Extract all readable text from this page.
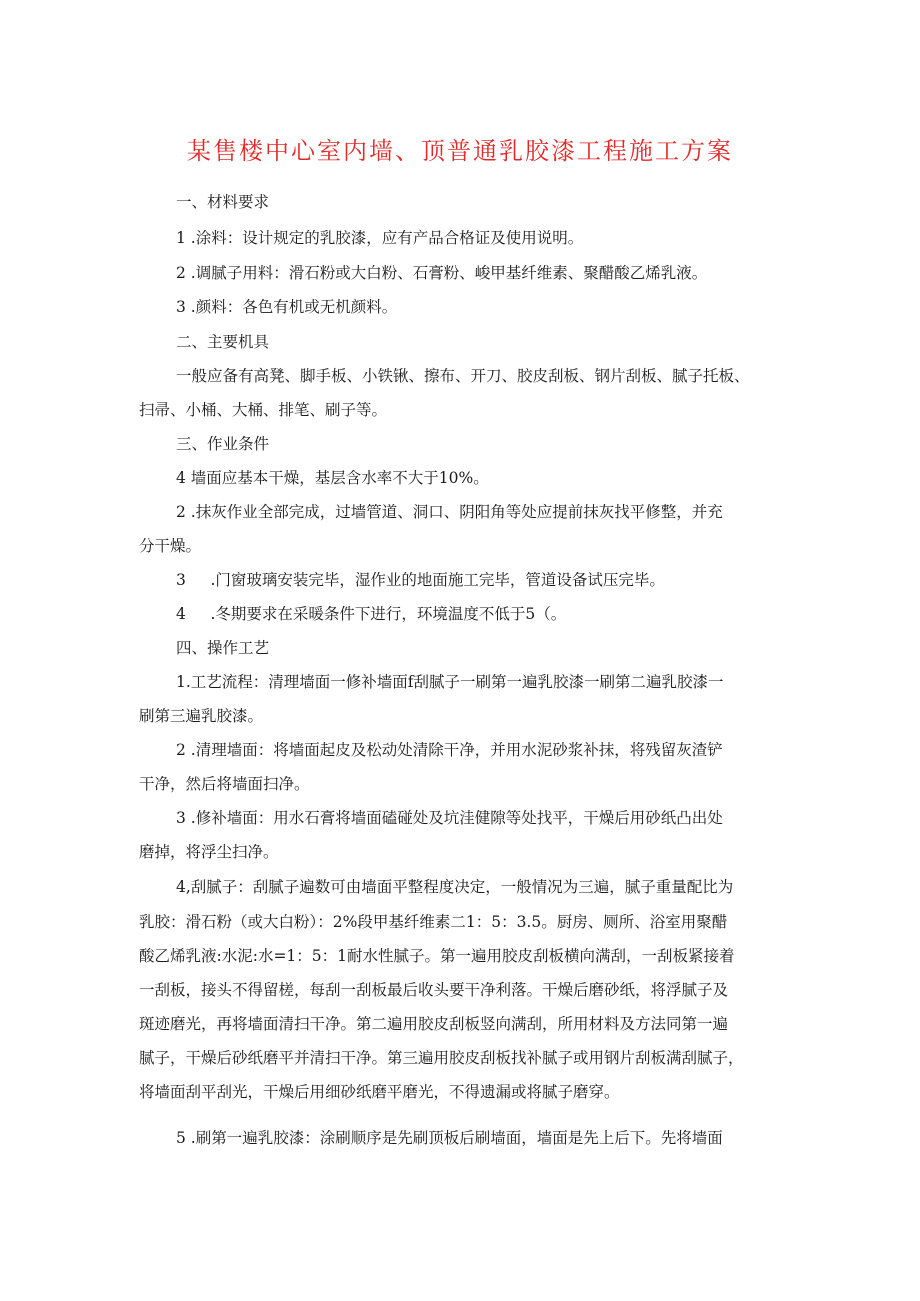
某售楼中心室内墙、顶普通乳胶漆工程施工方案
一、材料要求
1 .涂料：设计规定的乳胶漆，应有产品合格证及使用说明。
2 .调腻子用料：滑石粉或大白粉、石膏粉、峻甲基纤维素、聚醋酸乙烯乳液。
3 .颜料：各色有机或无机颜料。
二、主要机具
一般应备有高凳、脚手板、小铁锹、擦布、开刀、胶皮刮板、钢片刮板、腻子托板、
扫帚、小桶、大桶、排笔、刷子等。
三、作业条件
4 墙面应基本干燥，基层含水率不大于10%。
2 .抹灰作业全部完成，过墙管道、洞口、阴阳角等处应提前抹灰找平修整，并充
分干燥。
3     .门窗玻璃安装完毕，湿作业的地面施工完毕，管道设备试压完毕。
4     .冬期要求在采暖条件下进行，环境温度不低于5（。
四、操作工艺
1.工艺流程：清理墙面一修补墙面f刮腻子一刷第一遍乳胶漆一刷第二遍乳胶漆一
刷第三遍乳胶漆。
2 .清理墙面：将墙面起皮及松动处清除干净，并用水泥砂浆补抹，将残留灰渣铲
干净，然后将墙面扫净。
3 .修补墙面：用水石膏将墙面磕碰处及坑洼健隙等处找平，干燥后用砂纸凸出处
磨掉，将浮尘扫净。
4,刮腻子：刮腻子遍数可由墙面平整程度决定，一般情况为三遍，腻子重量配比为
乳胶：滑石粉（或大白粉）：2%段甲基纤维素二1：5：3.5。厨房、厕所、浴室用聚醋
酸乙烯乳液:水泥:水=1：5：1耐水性腻子。第一遍用胶皮刮板横向满刮，一刮板紧接着
一刮板，接头不得留槎，每刮一刮板最后收头要干净利落。干燥后磨砂纸，将浮腻子及
斑迹磨光，再将墙面清扫干净。第二遍用胶皮刮板竖向满刮，所用材料及方法同第一遍
腻子，干燥后砂纸磨平并清扫干净。第三遍用胶皮刮板找补腻子或用钢片刮板满刮腻子，
将墙面刮平刮光，干燥后用细砂纸磨平磨光，不得遗漏或将腻子磨穿。
5 .刷第一遍乳胶漆：涂刷顺序是先刷顶板后刷墙面，墙面是先上后下。先将墙面
